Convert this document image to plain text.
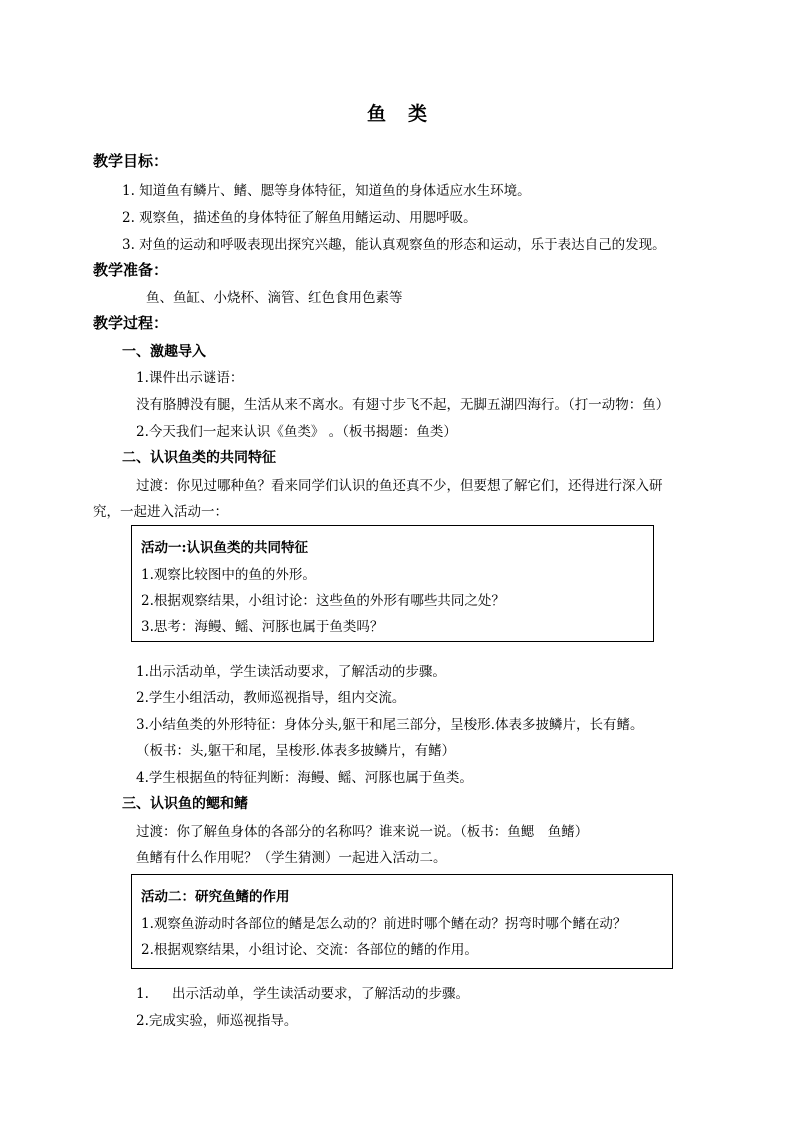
鱼 类
教学目标：
1. 知道鱼有鳞片、鳍、腮等身体特征，知道鱼的身体适应水生环境。
2. 观察鱼，描述鱼的身体特征了解鱼用鳍运动、用腮呼吸。
3. 对鱼的运动和呼吸表现出探究兴趣，能认真观察鱼的形态和运动，乐于表达自己的发现。
教学准备：
鱼、鱼缸、小烧杯、滴管、红色食用色素等
教学过程：
一、激趣导入
1.课件出示谜语：
没有胳膊没有腿，生活从来不离水。有翅寸步飞不起，无脚五湖四海行。（打一动物：鱼）
2.今天我们一起来认识《鱼类》 。（板书揭题：鱼类）
二、认识鱼类的共同特征
过渡：你见过哪种鱼？看来同学们认识的鱼还真不少，但要想了解它们，还得进行深入研
究，一起进入活动一：
活动一:认识鱼类的共同特征
1.观察比较图中的鱼的外形。
2.根据观察结果，小组讨论：这些鱼的外形有哪些共同之处？
3.思考：海鳗、鳐、河豚也属于鱼类吗？
1.出示活动单，学生读活动要求，了解活动的步骤。
2.学生小组活动，教师巡视指导，组内交流。
3.小结鱼类的外形特征：身体分头,躯干和尾三部分，呈梭形.体表多披鳞片，长有鳍。
（板书：头,躯干和尾，呈梭形.体表多披鳞片，有鳍）
4.学生根据鱼的特征判断：海鳗、鳐、河豚也属于鱼类。
三、认识鱼的鳃和鳍
过渡：你了解鱼身体的各部分的名称吗？谁来说一说。（板书：鱼鳃　鱼鳍）
鱼鳍有什么作用呢？（学生猜测）一起进入活动二。
活动二：研究鱼鳍的作用
1.观察鱼游动时各部位的鳍是怎么动的？前进时哪个鳍在动？拐弯时哪个鳍在动？
2.根据观察结果，小组讨论、交流：各部位的鳍的作用。
1. 出示活动单，学生读活动要求，了解活动的步骤。
2.完成实验，师巡视指导。
